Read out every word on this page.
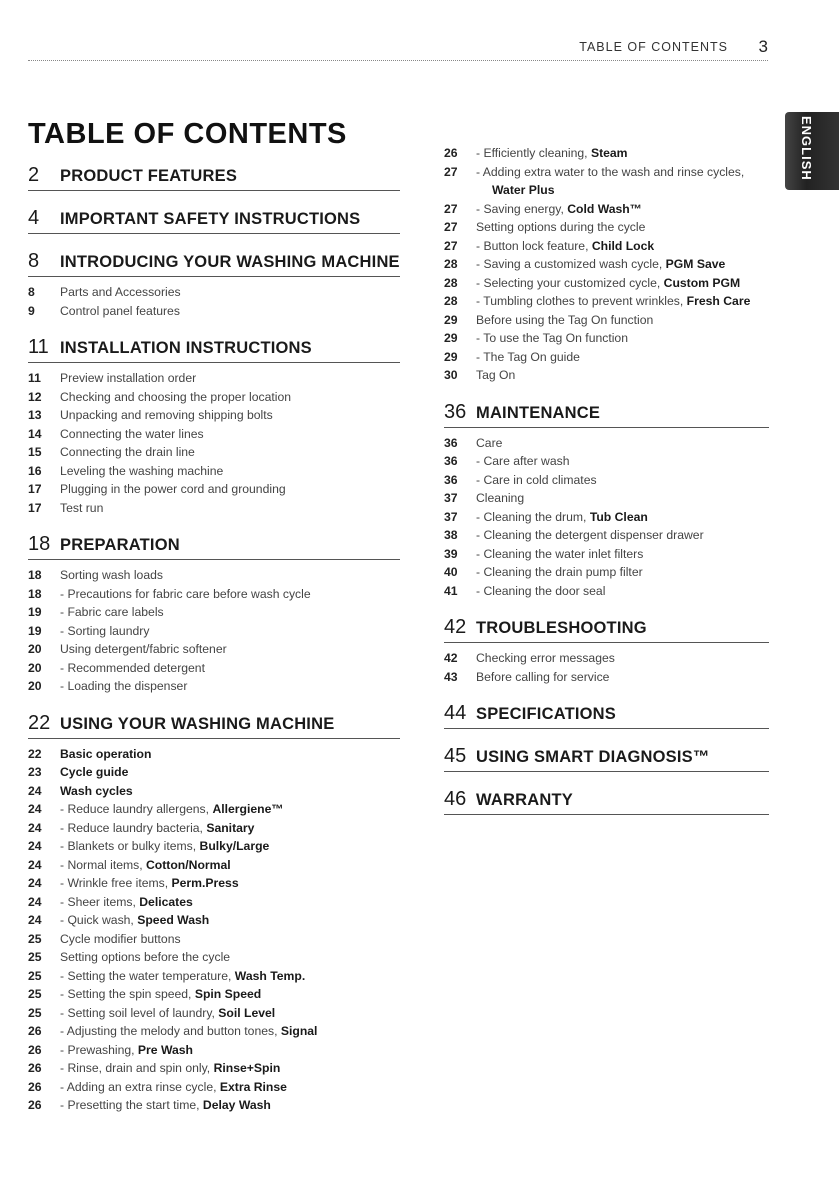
TABLE OF CONTENTS 3
ENGLISH
TABLE OF CONTENTS
2	PRODUCT FEATURES
4	IMPORTANT SAFETY INSTRUCTIONS
8	INTRODUCING YOUR WASHING MACHINE
8	Parts and Accessories
9	Control panel features
11 INSTALLATION INSTRUCTIONS
11	Preview installation order
12	Checking and choosing the proper location
13	Unpacking and removing shipping bolts
14	Connecting the water lines
15	Connecting the drain line
16	Leveling the washing machine
17	Plugging in the power cord and grounding
17	Test run
18 PREPARATION
18	Sorting wash loads
18	- Precautions for fabric care before wash cycle
19	- Fabric care labels
19	- Sorting laundry
20	Using detergent/fabric softener
20	- Recommended detergent
20	- Loading the dispenser
22 USING YOUR WASHING MACHINE
22	Basic operation
23	Cycle guide
24	Wash cycles
24	- Reduce laundry allergens, Allergiene™
24	- Reduce laundry bacteria, Sanitary
24	- Blankets or bulky items, Bulky/Large
24	- Normal items, Cotton/Normal
24	- Wrinkle free items, Perm.Press
24	- Sheer items, Delicates
24	- Quick wash, Speed Wash
25	Cycle modifier buttons
25	Setting options before the cycle
25	- Setting the water temperature, Wash Temp.
25	- Setting the spin speed, Spin Speed
25	- Setting soil level of laundry, Soil Level
26	- Adjusting the melody and button tones, Signal
26	- Prewashing, Pre Wash
26	- Rinse, drain and spin only, Rinse+Spin
26	- Adding an extra rinse cycle, Extra Rinse
26	- Presetting the start time, Delay Wash
26	- Efficiently cleaning, Steam
27	- Adding extra water to the wash and rinse cycles,
Water Plus
27	- Saving energy, Cold Wash™
27	Setting options during the cycle
27	- Button lock feature, Child Lock
28	- Saving a customized wash cycle, PGM Save
28	- Selecting your customized cycle, Custom PGM
28	- Tumbling clothes to prevent wrinkles, Fresh Care
29	Before using the Tag On function
29	- To use the Tag On function
29	- The Tag On guide
30	Tag On
36 MAINTENANCE
36	Care
36	- Care after wash
36	- Care in cold climates
37	Cleaning
37	- Cleaning the drum, Tub Clean
38	- Cleaning the detergent dispenser drawer
39	- Cleaning the water inlet filters
40	- Cleaning the drain pump filter
41	- Cleaning the door seal
42 TROUBLESHOOTING
42	Checking error messages
43	Before calling for service
44 SPECIFICATIONS
45 USING SMART DIAGNOSIS™
46 WARRANTY
